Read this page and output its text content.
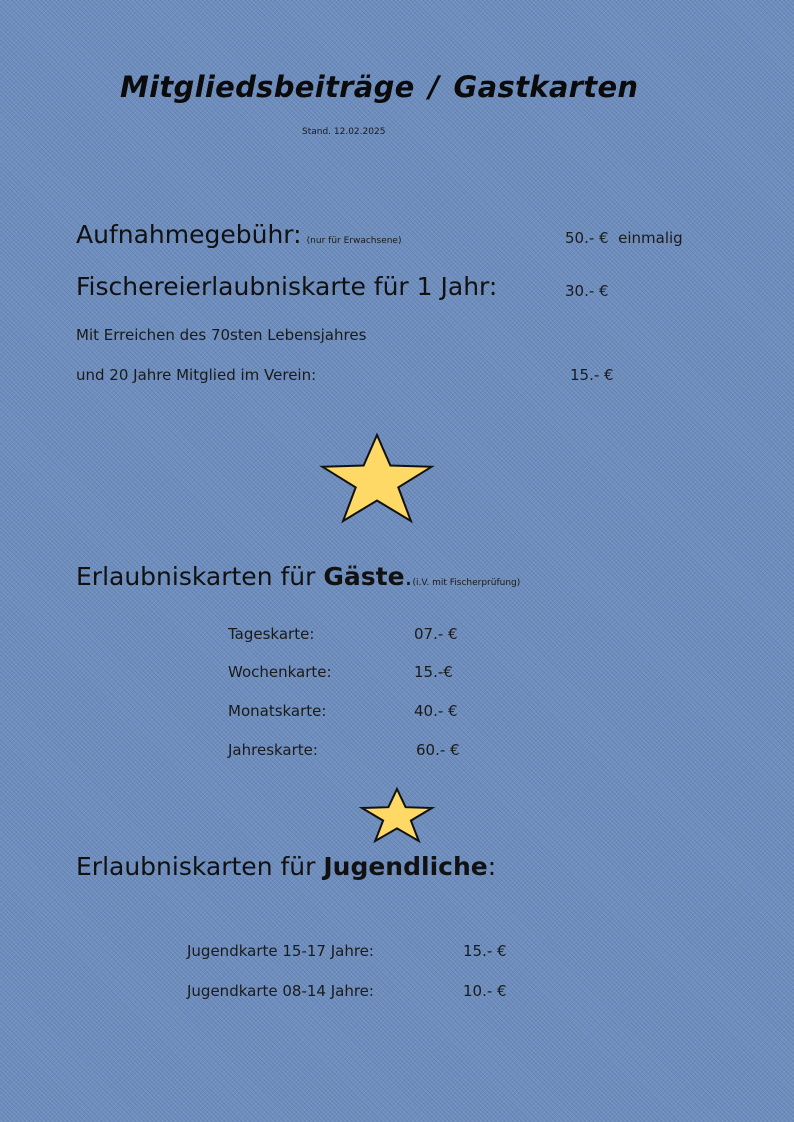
Mitgliedsbeiträge / Gastkarten
Stand. 12.02.2025
Aufnahmegebühr: (nur für Erwachsene)	50.- € einmalig
Fischereierlaubniskarte für 1 Jahr:	30.- €
Mit Erreichen des 70sten Lebensjahres
und 20 Jahre Mitglied im Verein:	15.- €
Erlaubniskarten für Gäste.(i.V. mit Fischerprüfung)
Tageskarte:	07.- €
Wochenkarte:	15.-€
Monatskarte:	40.- €
Jahreskarte:	60.- €
Erlaubniskarten für Jugendliche:
Jugendkarte 15-17 Jahre:	15.- €
Jugendkarte 08-14 Jahre:	10.- €
